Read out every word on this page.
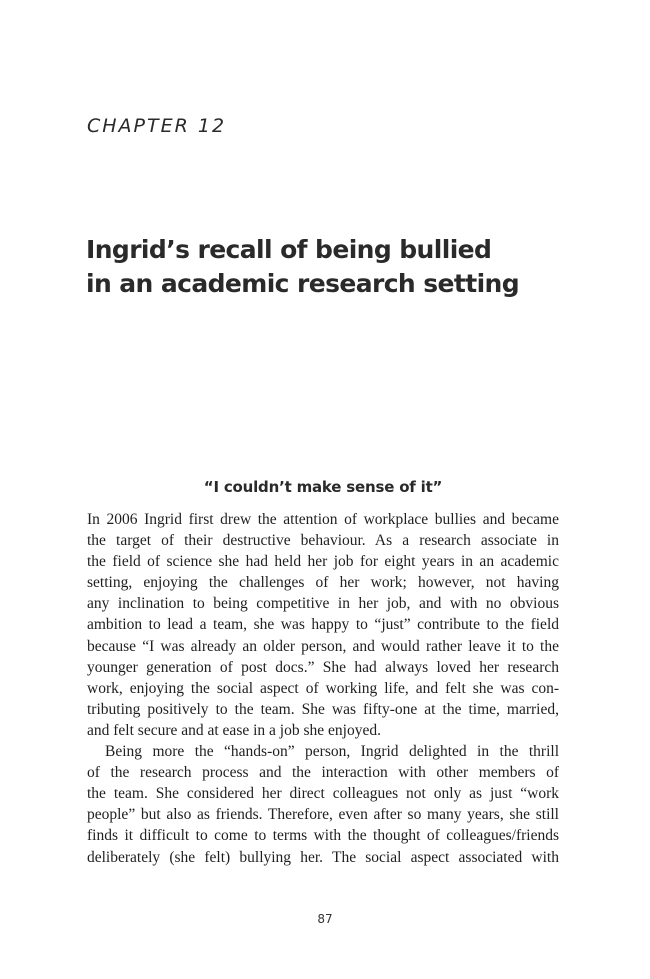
CHAPTER 12
Ingrid’s recall of being bullied
in an academic research setting
“I couldn’t make sense of it”
In 2006 Ingrid first drew the attention of workplace bullies and became
the target of their destructive behaviour. As a research associate in
the field of science she had held her job for eight years in an academic
setting, enjoying the challenges of her work; however, not having
any inclination to being competitive in her job, and with no obvious
ambition to lead a team, she was happy to “just” contribute to the field
because “I was already an older person, and would rather leave it to the
younger generation of post docs.” She had always loved her research
work, enjoying the social aspect of working life, and felt she was con-
tributing positively to the team. She was fifty-one at the time, married,
and felt secure and at ease in a job she enjoyed.
Being more the “hands-on” person, Ingrid delighted in the thrill
of the research process and the interaction with other members of
the team. She considered her direct colleagues not only as just “work
people” but also as friends. Therefore, even after so many years, she still
finds it difficult to come to terms with the thought of colleagues/friends
deliberately (she felt) bullying her. The social aspect associated with
87
